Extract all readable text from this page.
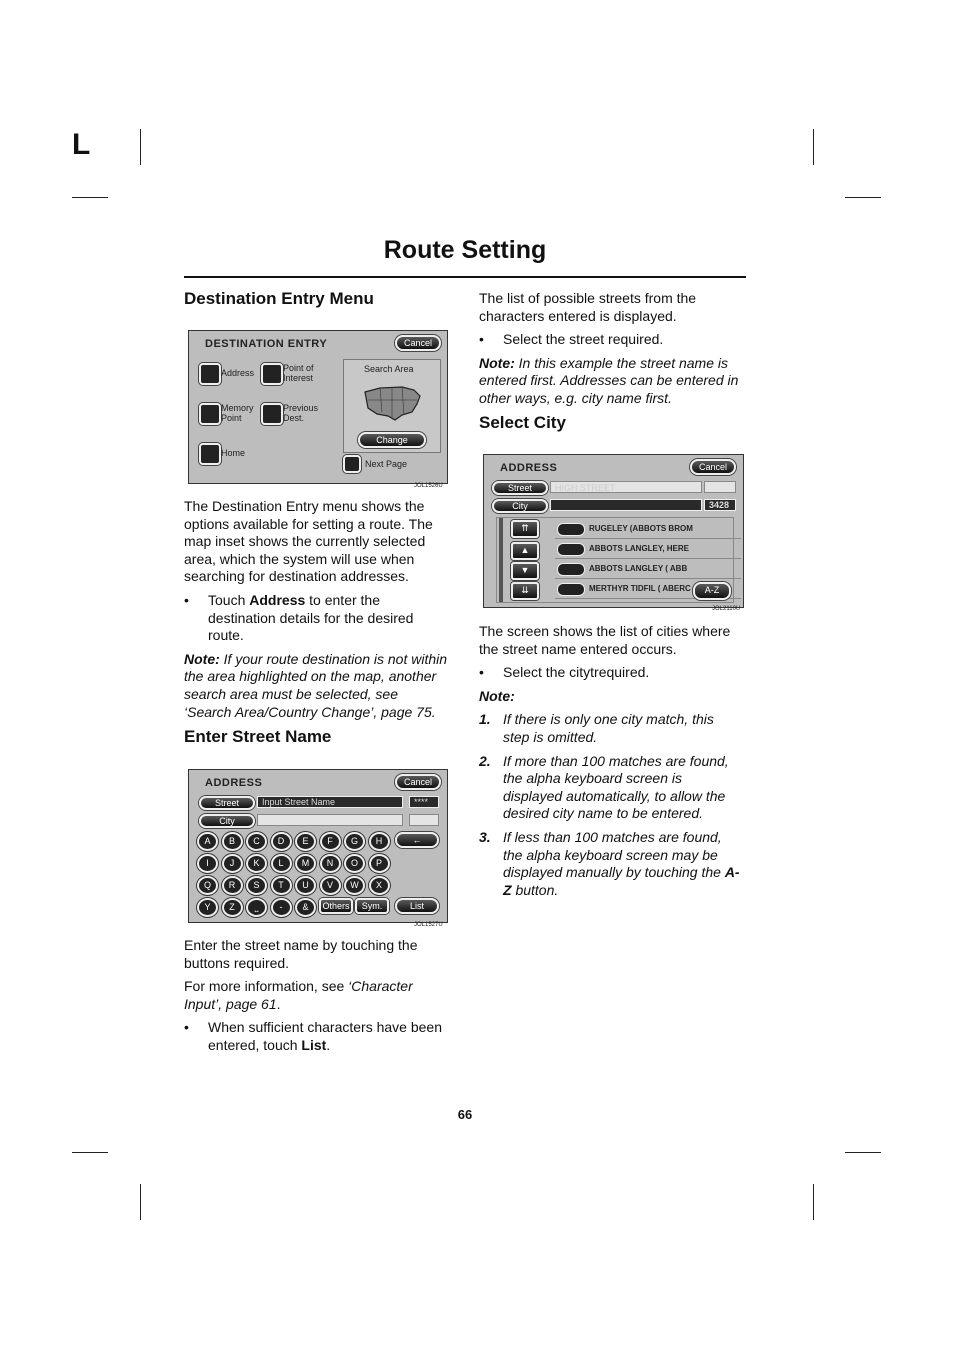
L
Route Setting
Destination Entry Menu
DESTINATION ENTRY	Cancel
Address	Point of
Interest
Memory
Point
Previous
Dest.
Home
Search Area
Change
Next Page
JOL1526U

The Destination Entry menu shows the options available for setting a route. The map inset shows the currently selected area, which the system will use when searching for destination addresses.

• Touch Address to enter the destination details for the desired route.

Note: If your route destination is not within the area highlighted on the map, another search area must be selected, see ‘Search Area/Country Change’, page 75.

Enter Street Name
ADDRESS	Cancel
Street	Input Street Name	****
City
A	B	C	D	E	F	G	H
I	J	K	L	M	N	O	P
Q	R	S	T	U	V	W	X
Y	Z	⎵	-	&
←
Others	Sym.	List
JOL1527U

Enter the street name by touching the buttons required.

For more information, see ‘Character Input’, page 61.

• When sufficient characters have been entered, touch List.

The list of possible streets from the characters entered is displayed.

• Select the street required.

Note: In this example the street name is entered first. Addresses can be entered in other ways, e.g. city name first.

Select City
ADDRESS	Cancel
Street	HIGH STREET
City	3428
⇈
▲
▼
⇊
RUGELEY (ABBOTS BROM
ABBOTS LANGLEY, HERE
ABBOTS LANGLEY ( ABB
MERTHYR TIDFIL ( ABERC	A-Z
JOL2110U

The screen shows the list of cities where the street name entered occurs.

• Select the citytrequired.

Note:

1. If there is only one city match, this step is omitted.
2. If more than 100 matches are found, the alpha keyboard screen is displayed automatically, to allow the desired city name to be entered.
3. If less than 100 matches are found, the alpha keyboard screen may be displayed manually by touching the A-Z button.
66
